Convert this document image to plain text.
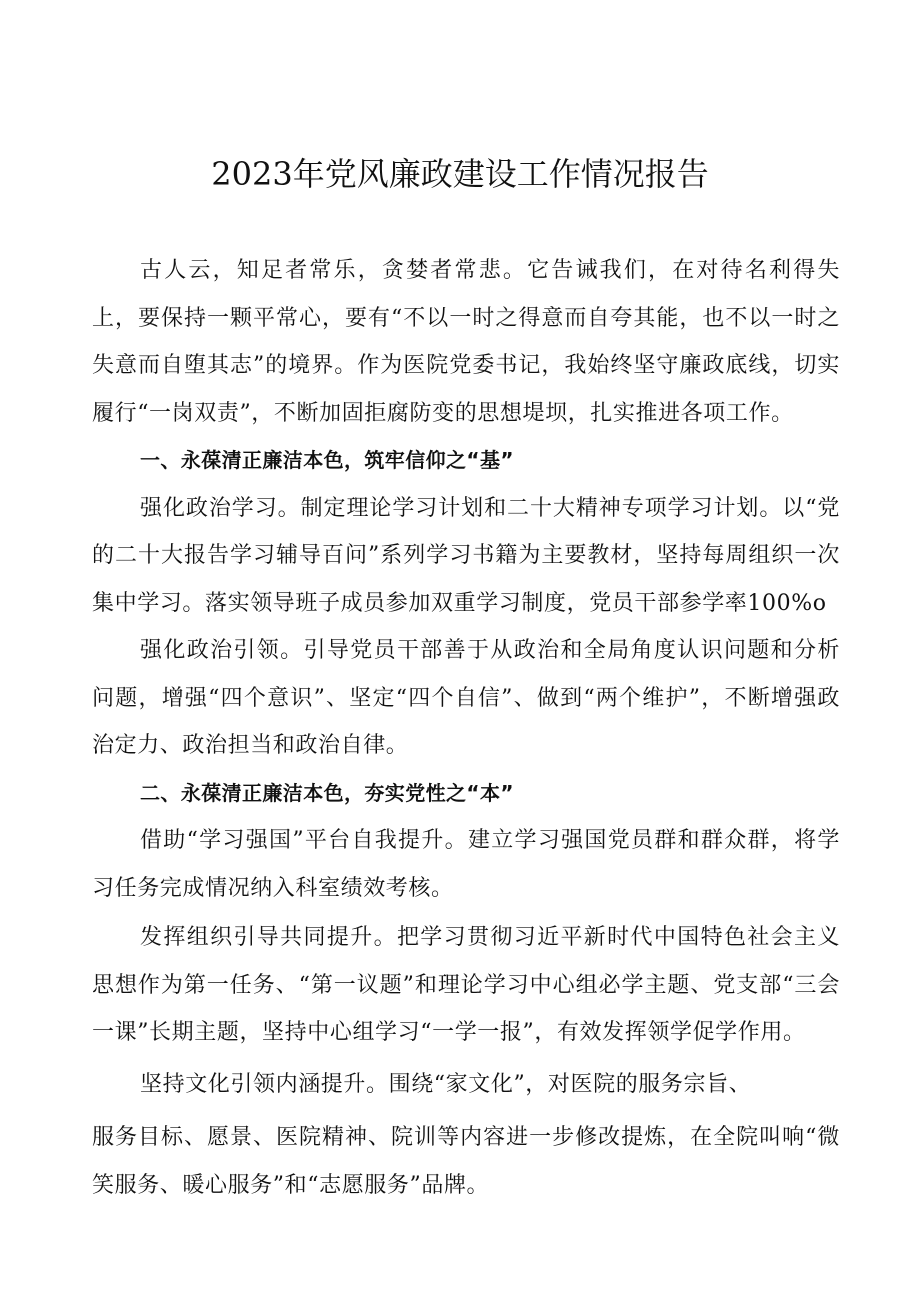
2023年党风廉政建设工作情况报告

古人云，知足者常乐，贪婪者常悲。它告诫我们，在对待名利得失上，要保持一颗平常心，要有“不以一时之得意而自夸其能，也不以一时之失意而自堕其志”的境界。作为医院党委书记，我始终坚守廉政底线，切实履行“一岗双责”，不断加固拒腐防变的思想堤坝，扎实推进各项工作。

一、永葆清正廉洁本色，筑牢信仰之“基”

强化政治学习。制定理论学习计划和二十大精神专项学习计划。以“党的二十大报告学习辅导百问”系列学习书籍为主要教材，坚持每周组织一次集中学习。落实领导班子成员参加双重学习制度，党员干部参学率100%o

强化政治引领。引导党员干部善于从政治和全局角度认识问题和分析问题，增强“四个意识”、坚定“四个自信”、做到“两个维护”，不断增强政治定力、政治担当和政治自律。

二、永葆清正廉洁本色，夯实党性之“本”

借助“学习强国”平台自我提升。建立学习强国党员群和群众群，将学习任务完成情况纳入科室绩效考核。

发挥组织引导共同提升。把学习贯彻习近平新时代中国特色社会主义思想作为第一任务、“第一议题”和理论学习中心组必学主题、党支部“三会一课”长期主题，坚持中心组学习“一学一报”，有效发挥领学促学作用。

坚持文化引领内涵提升。围绕“家文化”，对医院的服务宗旨、

服务目标、愿景、医院精神、院训等内容进一步修改提炼，在全院叫响“微笑服务、暖心服务”和“志愿服务”品牌。
